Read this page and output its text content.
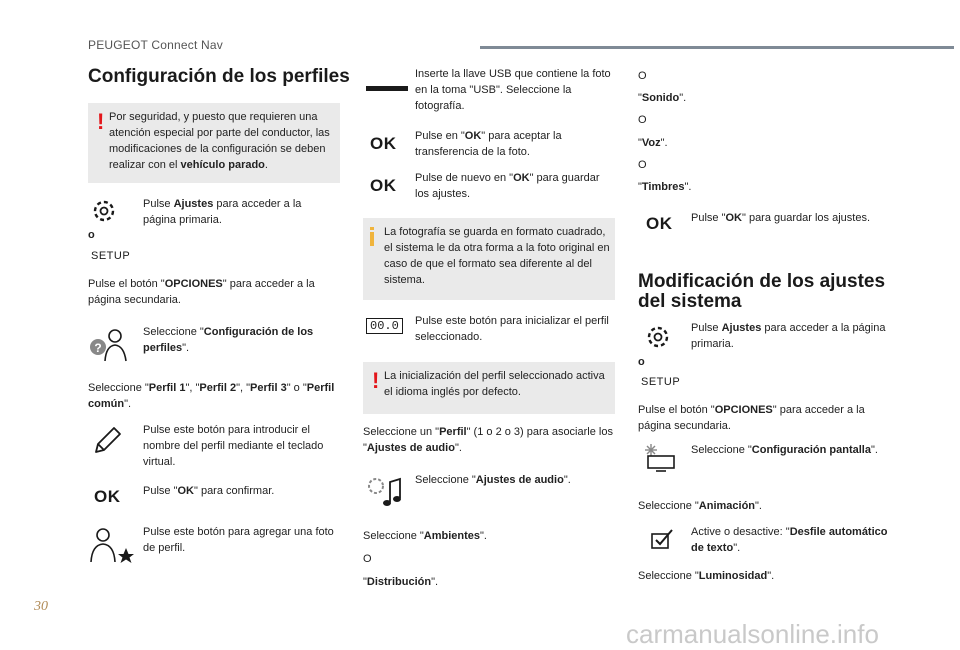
PEUGEOT Connect Nav
Configuración de los perfiles
! Por seguridad, y puesto que requieren una atención especial por parte del conductor, las modificaciones de la configuración se deben realizar con el vehículo parado.
Pulse Ajustes para acceder a la página primaria.
o
SETUP
Pulse el botón "OPCIONES" para acceder a la página secundaria.
?
Seleccione "Configuración de los perfiles".
Seleccione "Perfil 1", "Perfil 2", "Perfil 3" o "Perfil común".
Pulse este botón para introducir el nombre del perfil mediante el teclado virtual.
OK Pulse "OK" para confirmar.
Pulse este botón para agregar una foto de perfil.
Inserte la llave USB que contiene la foto en la toma "USB". Seleccione la fotografía.
OK Pulse en "OK" para aceptar la transferencia de la foto.
OK Pulse de nuevo en "OK" para guardar los ajustes.
La fotografía se guarda en formato cuadrado, el sistema le da otra forma a la foto original en caso de que el formato sea diferente al del sistema.
00.0	Pulse este botón para inicializar el perfil seleccionado.
! La inicialización del perfil seleccionado activa el idioma inglés por defecto.
Seleccione un "Perfil" (1 o 2 o 3) para asociarle los "Ajustes de audio".
Seleccione "Ajustes de audio".
Seleccione "Ambientes".
O
"Distribución".
O
"Sonido".
O
"Voz".
O
"Timbres".
OK Pulse "OK" para guardar los ajustes.
Modificación de los ajustes del sistema
Pulse Ajustes para acceder a la página primaria.
o
SETUP
Pulse el botón "OPCIONES" para acceder a la página secundaria.
Seleccione "Configuración pantalla".
Seleccione "Animación".
Active o desactive: "Desfile automático de texto".
Seleccione "Luminosidad".
30
carmanualsonline.info
